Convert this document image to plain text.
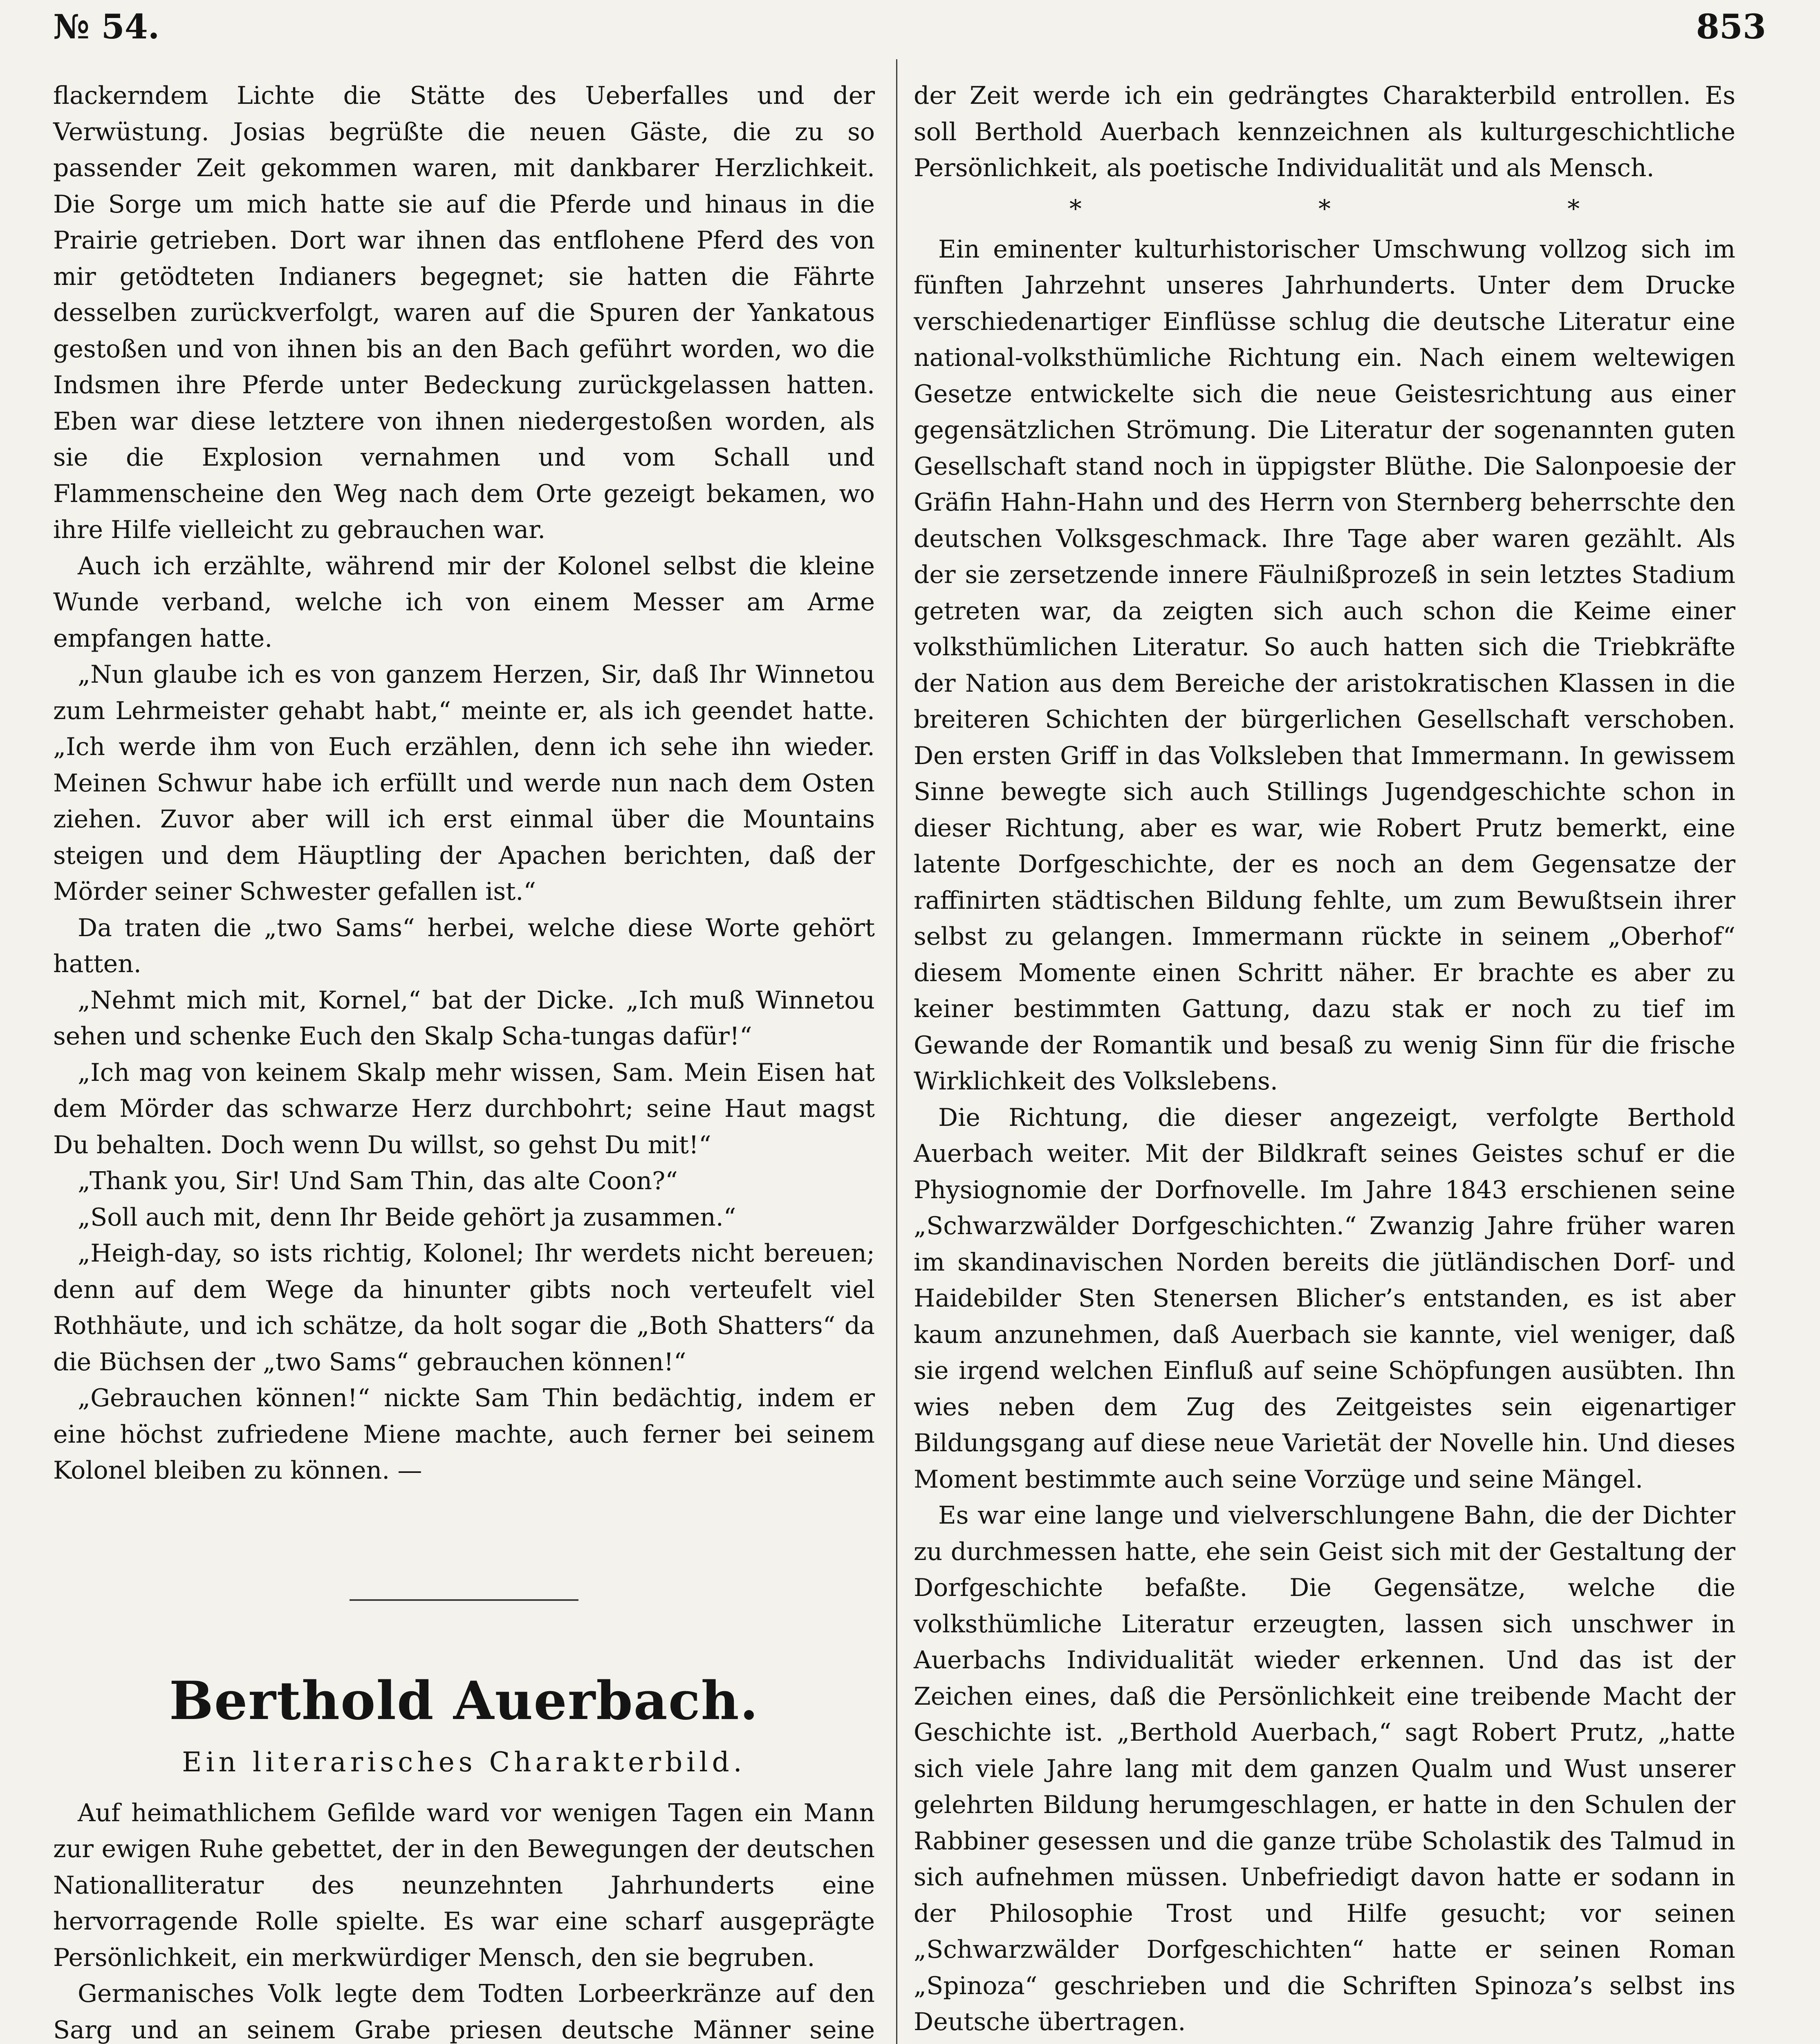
№ 54.	853

flackerndem Lichte die Stätte des Ueberfalles und der Verwüstung. Josias begrüßte die neuen Gäste, die zu so passender Zeit gekommen waren, mit dankbarer Herzlichkeit. Die Sorge um mich hatte sie auf die Pferde und hinaus in die Prairie getrieben. Dort war ihnen das entflohene Pferd des von mir getödteten Indianers begegnet; sie hatten die Fährte desselben zurückverfolgt, waren auf die Spuren der Yankatous gestoßen und von ihnen bis an den Bach geführt worden, wo die Indsmen ihre Pferde unter Bedeckung zurückgelassen hatten. Eben war diese letztere von ihnen niedergestoßen worden, als sie die Explosion vernahmen und vom Schall und Flammenscheine den Weg nach dem Orte gezeigt bekamen, wo ihre Hilfe vielleicht zu gebrauchen war.

Auch ich erzählte, während mir der Kolonel selbst die kleine Wunde verband, welche ich von einem Messer am Arme empfangen hatte.

„Nun glaube ich es von ganzem Herzen, Sir, daß Ihr Winnetou zum Lehrmeister gehabt habt,“ meinte er, als ich geendet hatte. „Ich werde ihm von Euch erzählen, denn ich sehe ihn wieder. Meinen Schwur habe ich erfüllt und werde nun nach dem Osten ziehen. Zuvor aber will ich erst einmal über die Mountains steigen und dem Häuptling der Apachen berichten, daß der Mörder seiner Schwester gefallen ist.“

Da traten die „two Sams“ herbei, welche diese Worte gehört hatten.

„Nehmt mich mit, Kornel,“ bat der Dicke. „Ich muß Winnetou sehen und schenke Euch den Skalp Scha-tungas dafür!“

„Ich mag von keinem Skalp mehr wissen, Sam. Mein Eisen hat dem Mörder das schwarze Herz durchbohrt; seine Haut magst Du behalten. Doch wenn Du willst, so gehst Du mit!“

„Thank you, Sir! Und Sam Thin, das alte Coon?“

„Soll auch mit, denn Ihr Beide gehört ja zusammen.“

„Heigh-day, so ists richtig, Kolonel; Ihr werdets nicht bereuen; denn auf dem Wege da hinunter gibts noch verteufelt viel Rothhäute, und ich schätze, da holt sogar die „Both Shatters“ da die Büchsen der „two Sams“ gebrauchen können!“

„Gebrauchen können!“ nickte Sam Thin bedächtig, indem er eine höchst zufriedene Miene machte, auch ferner bei seinem Kolonel bleiben zu können. —

Berthold Auerbach.
Ein literarisches Charakterbild.

Auf heimathlichem Gefilde ward vor wenigen Tagen ein Mann zur ewigen Ruhe gebettet, der in den Bewegungen der deutschen Nationalliteratur des neunzehnten Jahrhunderts eine hervorragende Rolle spielte. Es war eine scharf ausgeprägte Persönlichkeit, ein merkwürdiger Mensch, den sie begruben.

Germanisches Volk legte dem Todten Lorbeerkränze auf den Sarg und an seinem Grabe priesen deutsche Männer seine

der Zeit werde ich ein gedrängtes Charakterbild entrollen. Es soll Berthold Auerbach kennzeichnen als kulturgeschichtliche Persönlichkeit, als poetische Individualität und als Mensch.

* * *

Ein eminenter kulturhistorischer Umschwung vollzog sich im fünften Jahrzehnt unseres Jahrhunderts. Unter dem Drucke verschiedenartiger Einflüsse schlug die deutsche Literatur eine national-volksthümliche Richtung ein. Nach einem weltewigen Gesetze entwickelte sich die neue Geistesrichtung aus einer gegensätzlichen Strömung. Die Literatur der sogenannten guten Gesellschaft stand noch in üppigster Blüthe. Die Salonpoesie der Gräfin Hahn-Hahn und des Herrn von Sternberg beherrschte den deutschen Volksgeschmack. Ihre Tage aber waren gezählt. Als der sie zersetzende innere Fäulnißprozeß in sein letztes Stadium getreten war, da zeigten sich auch schon die Keime einer volksthümlichen Literatur. So auch hatten sich die Triebkräfte der Nation aus dem Bereiche der aristokratischen Klassen in die breiteren Schichten der bürgerlichen Gesellschaft verschoben. Den ersten Griff in das Volksleben that Immermann. In gewissem Sinne bewegte sich auch Stillings Jugendgeschichte schon in dieser Richtung, aber es war, wie Robert Prutz bemerkt, eine latente Dorfgeschichte, der es noch an dem Gegensatze der raffinirten städtischen Bildung fehlte, um zum Bewußtsein ihrer selbst zu gelangen. Immermann rückte in seinem „Oberhof“ diesem Momente einen Schritt näher. Er brachte es aber zu keiner bestimmten Gattung, dazu stak er noch zu tief im Gewande der Romantik und besaß zu wenig Sinn für die frische Wirklichkeit des Volkslebens.

Die Richtung, die dieser angezeigt, verfolgte Berthold Auerbach weiter. Mit der Bildkraft seines Geistes schuf er die Physiognomie der Dorfnovelle. Im Jahre 1843 erschienen seine „Schwarzwälder Dorfgeschichten.“ Zwanzig Jahre früher waren im skandinavischen Norden bereits die jütländischen Dorf- und Haidebilder Sten Stenersen Blicher’s entstanden, es ist aber kaum anzunehmen, daß Auerbach sie kannte, viel weniger, daß sie irgend welchen Einfluß auf seine Schöpfungen ausübten. Ihn wies neben dem Zug des Zeitgeistes sein eigenartiger Bildungsgang auf diese neue Varietät der Novelle hin. Und dieses Moment bestimmte auch seine Vorzüge und seine Mängel.

Es war eine lange und vielverschlungene Bahn, die der Dichter zu durchmessen hatte, ehe sein Geist sich mit der Gestaltung der Dorfgeschichte befaßte. Die Gegensätze, welche die volksthümliche Literatur erzeugten, lassen sich unschwer in Auerbachs Individualität wieder erkennen. Und das ist der Zeichen eines, daß die Persönlichkeit eine treibende Macht der Geschichte ist. „Berthold Auerbach,“ sagt Robert Prutz, „hatte sich viele Jahre lang mit dem ganzen Qualm und Wust unserer gelehrten Bildung herumgeschlagen, er hatte in den Schulen der Rabbiner gesessen und die ganze trübe Scholastik des Talmud in sich aufnehmen müssen. Unbefriedigt davon hatte er sodann in der Philosophie Trost und Hilfe gesucht; vor seinen „Schwarzwälder Dorfgeschichten“ hatte er seinen Roman „Spinoza“ geschrieben und die Schriften Spinoza’s selbst ins Deutsche übertragen.
